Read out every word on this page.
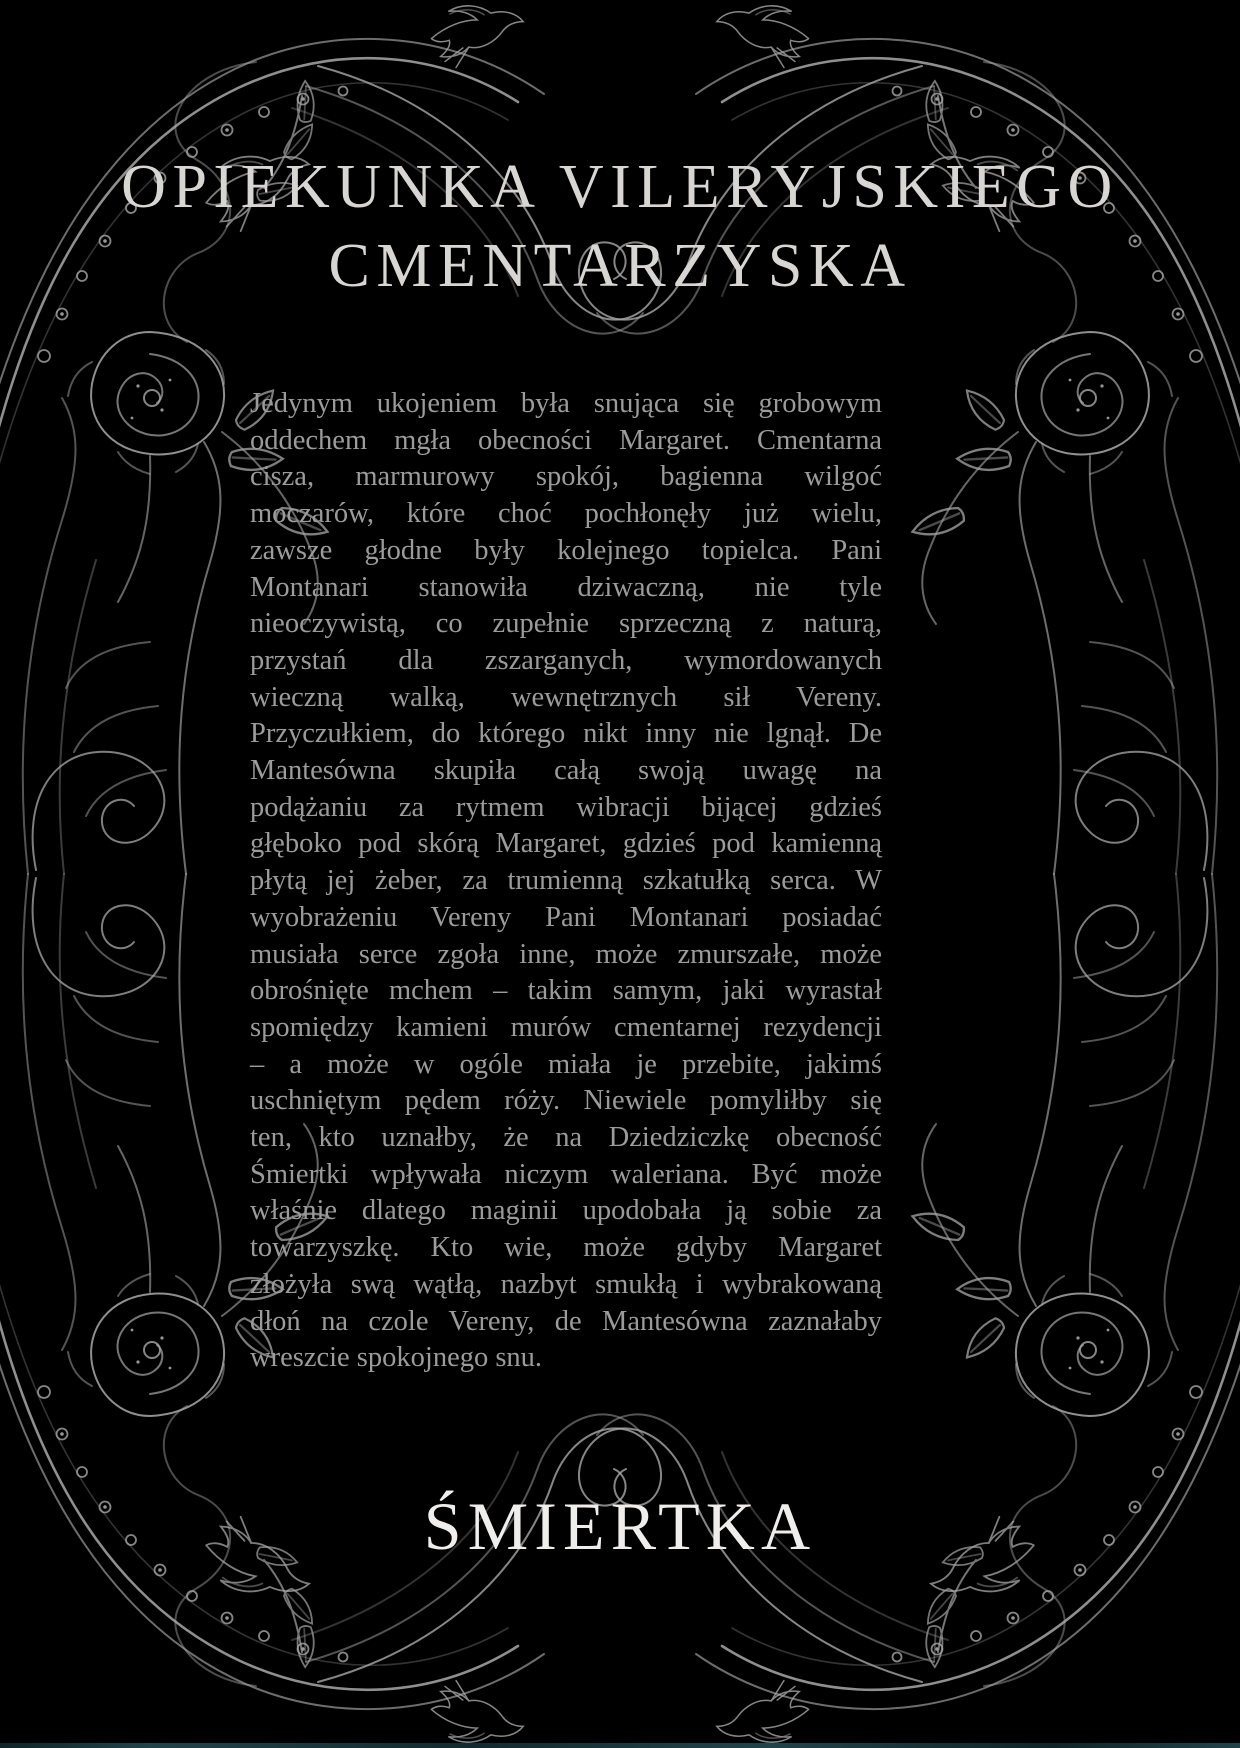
OPIEKUNKA VILERYJSKIEGO
CMENTARZYSKA
Jedynym ukojeniem była snująca się grobowym
oddechem mgła obecności Margaret. Cmentarna
cisza, marmurowy spokój, bagienna wilgoć
moczarów, które choć pochłonęły już wielu,
zawsze głodne były kolejnego topielca. Pani
Montanari stanowiła dziwaczną, nie tyle
nieoczywistą, co zupełnie sprzeczną z naturą,
przystań dla zszarganych, wymordowanych
wieczną walką, wewnętrznych sił Vereny.
Przyczułkiem, do którego nikt inny nie lgnął. De
Mantesówna skupiła całą swoją uwagę na
podążaniu za rytmem wibracji bijącej gdzieś
głęboko pod skórą Margaret, gdzieś pod kamienną
płytą jej żeber, za trumienną szkatułką serca. W
wyobrażeniu Vereny Pani Montanari posiadać
musiała serce zgoła inne, może zmurszałe, może
obrośnięte mchem – takim samym, jaki wyrastał
spomiędzy kamieni murów cmentarnej rezydencji
– a może w ogóle miała je przebite, jakimś
uschniętym pędem róży. Niewiele pomyliłby się
ten, kto uznałby, że na Dziedziczkę obecność
Śmiertki wpływała niczym waleriana. Być może
właśnie dlatego maginii upodobała ją sobie za
towarzyszkę. Kto wie, może gdyby Margaret
złożyła swą wątłą, nazbyt smukłą i wybrakowaną
dłoń na czole Vereny, de Mantesówna zaznałaby
wreszcie spokojnego snu.
ŚMIERTKA
